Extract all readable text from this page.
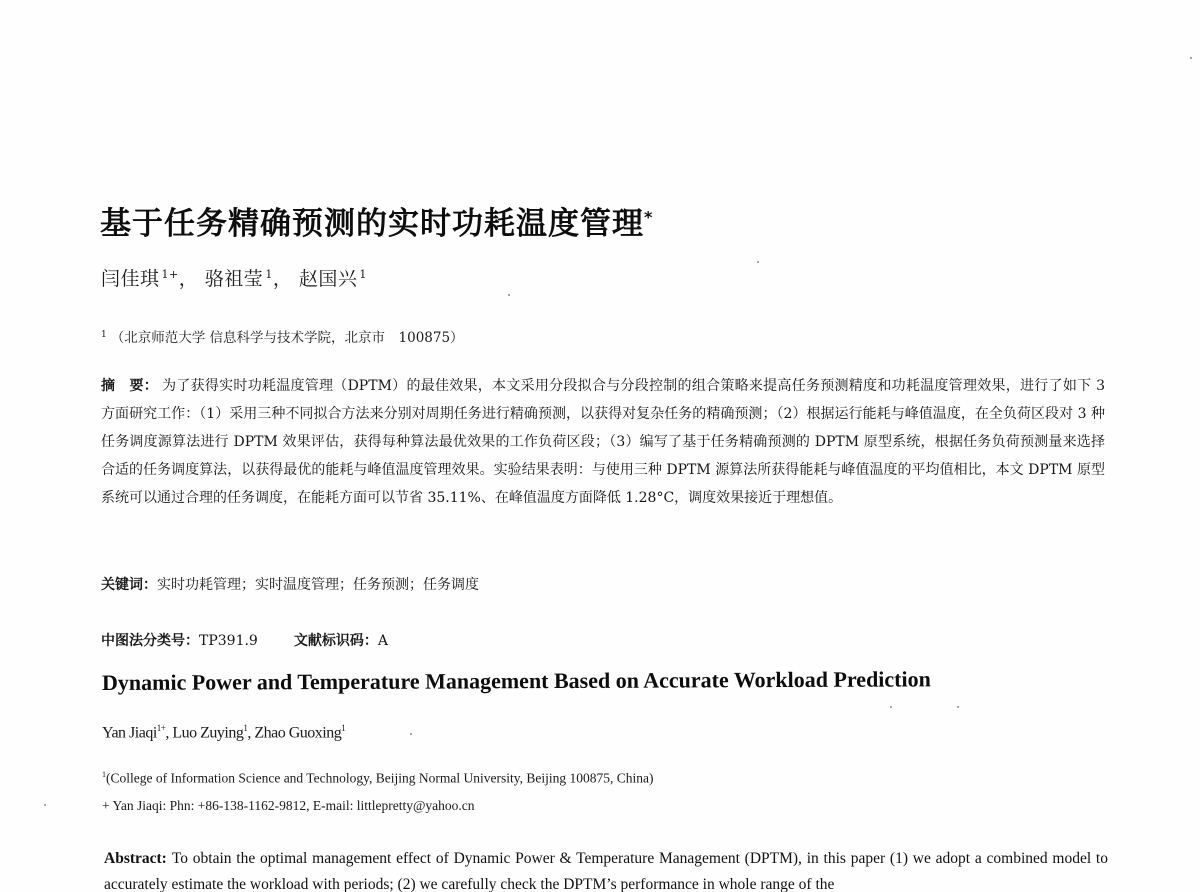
基于任务精确预测的实时功耗温度管理*
闫佳琪 $^{1+}$， 骆祖莹 $^1$， 赵国兴 $^1$
$^1$ （北京师范大学 信息科学与技术学院，北京市　100875）
摘　要： 为了获得实时功耗温度管理（DPTM）的最佳效果，本文采用分段拟合与分段控制的组合策略来提高任务预测精度和功耗温度管理效果，进行了如下 3 方面研究工作：（1）采用三种不同拟合方法来分别对周期任务进行精确预测，以获得对复杂任务的精确预测；（2）根据运行能耗与峰值温度，在全负荷区段对 3 种任务调度源算法进行 DPTM 效果评估，获得每种算法最优效果的工作负荷区段；（3）编写了基于任务精确预测的 DPTM 原型系统，根据任务负荷预测量来选择合适的任务调度算法，以获得最优的能耗与峰值温度管理效果。实验结果表明：与使用三种 DPTM 源算法所获得能耗与峰值温度的平均值相比，本文 DPTM 原型系统可以通过合理的任务调度，在能耗方面可以节省 35.11%、在峰值温度方面降低 1.28°C，调度效果接近于理想值。
关键词：实时功耗管理；实时温度管理；任务预测；任务调度
中图法分类号：TP391.9	文献标识码：A
Dynamic Power and Temperature Management Based on Accurate Workload Prediction
Yan Jiaqi$^{1+}$, Luo Zuying$^1$, Zhao Guoxing$^1$
$^1$(College of Information Science and Technology, Beijing Normal University, Beijing 100875, China)
+ Yan Jiaqi: Phn: +86-138-1162-9812, E-mail: littlepretty@yahoo.cn
Abstract: To obtain the optimal management effect of Dynamic Power & Temperature Management (DPTM), in this paper (1) we adopt a combined model to accurately estimate the workload with periods; (2) we carefully check the DPTM’s performance in whole range of the
